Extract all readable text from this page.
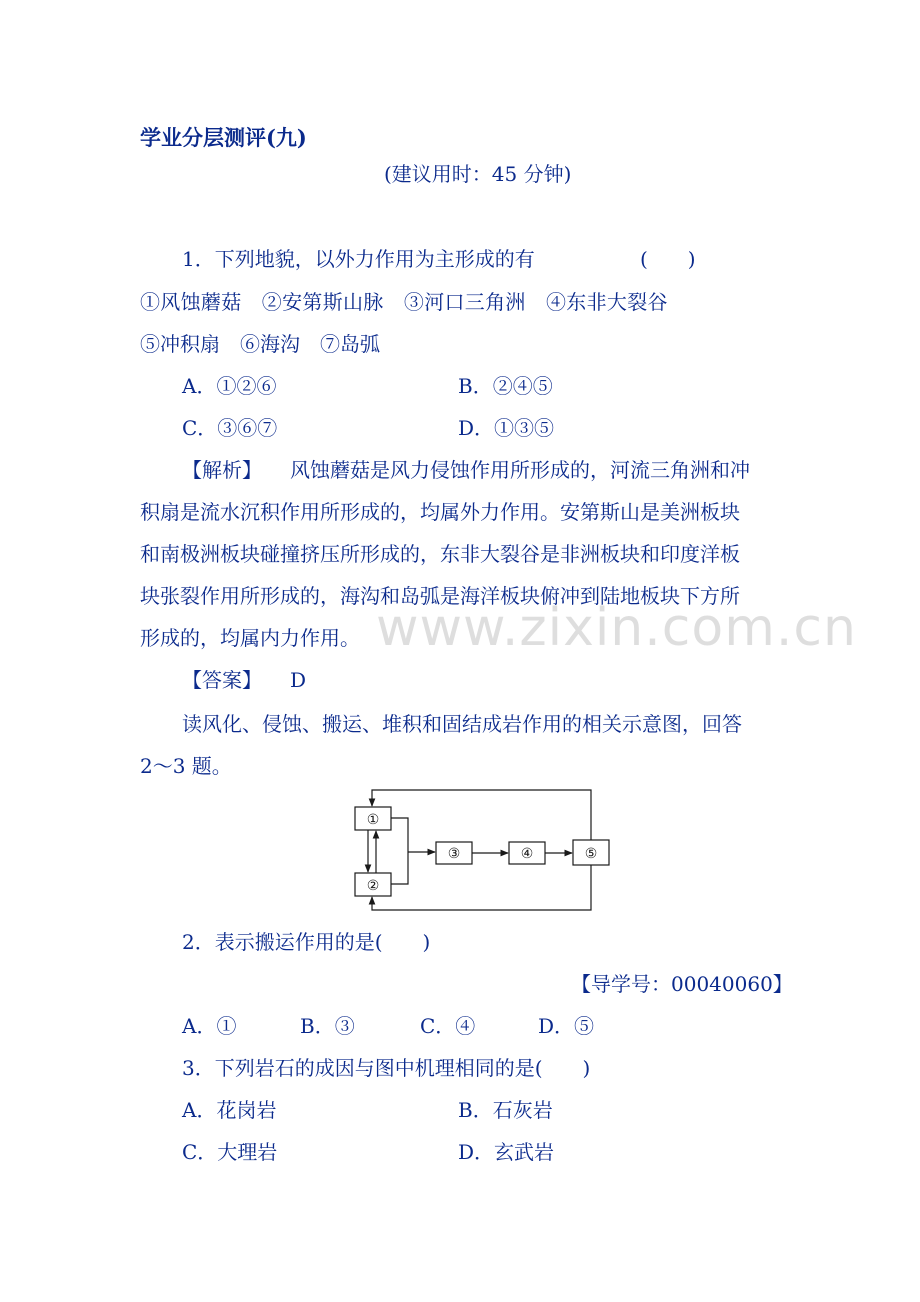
学业分层测评(九)
(建议用时：45 分钟)
1．下列地貌，以外力作用为主形成的有	(　　)
①风蚀蘑菇　②安第斯山脉　③河口三角洲　④东非大裂谷
⑤冲积扇　⑥海沟　⑦岛弧
A．①②⑥	B．②④⑤
C．③⑥⑦	D．①③⑤
【解析】 风蚀蘑菇是风力侵蚀作用所形成的，河流三角洲和冲
积扇是流水沉积作用所形成的，均属外力作用。安第斯山是美洲板块
和南极洲板块碰撞挤压所形成的，东非大裂谷是非洲板块和印度洋板
块张裂作用所形成的，海沟和岛弧是海洋板块俯冲到陆地板块下方所
形成的，均属内力作用。 www.zixin.com.cn
【答案】 D
读风化、侵蚀、搬运、堆积和固结成岩作用的相关示意图，回答
2～3 题。
①
②
③	④	⑤
2．表示搬运作用的是(　　)
【导学号：00040060】
A．①	B．③	C．④	D．⑤
3．下列岩石的成因与图中机理相同的是(　　)
A．花岗岩	B．石灰岩
C．大理岩	D．玄武岩
